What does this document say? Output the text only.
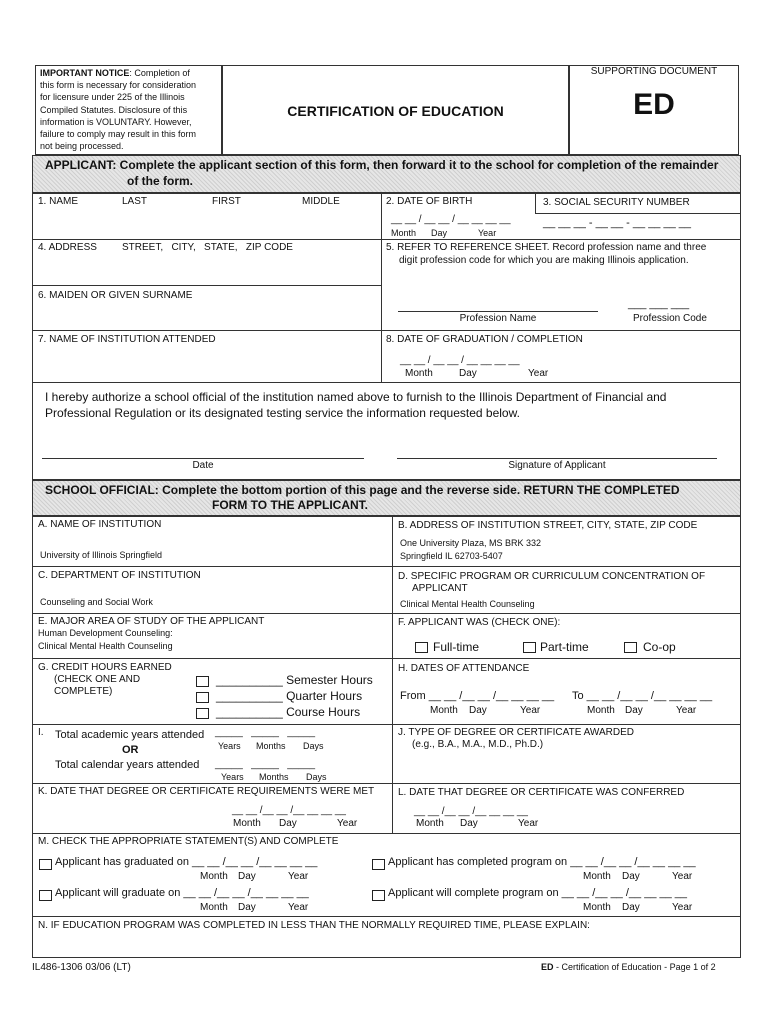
IMPORTANT NOTICE: Completion of
this form is necessary for consideration
for licensure under 225 of the Illinois
Compiled Statutes. Disclosure of this
information is VOLUNTARY. However,
failure to comply may result in this form
not being processed.
CERTIFICATION OF EDUCATION
SUPPORTING DOCUMENT
ED
APPLICANT: Complete the applicant section of this form, then forward it to the school for completion of the remainder
of the form.
1. NAME	LAST	FIRST	MIDDLE	2. DATE OF BIRTH
__ __ / __ __ / __ __ __ __
Month Day	Year
3. SOCIAL SECURITY NUMBER
__ __ __ - __ __ - __ __ __ __
4. ADDRESS	STREET,   CITY,   STATE,   ZIP CODE	5. REFER TO REFERENCE SHEET. Record profession name and three
digit profession code for which you are making Illinois application.
Profession Name
___ ___ ___
Profession Code
6. MAIDEN OR GIVEN SURNAME
7. NAME OF INSTITUTION ATTENDED	8. DATE OF GRADUATION / COMPLETION
__ __ / __ __ / __ __ __ __
Month	Day	Year
I hereby authorize a school official of the institution named above to furnish to the Illinois Department of Financial and
Professional Regulation or its designated testing service the information requested below.
Date	Signature of Applicant
SCHOOL OFFICIAL: Complete the bottom portion of this page and the reverse side. RETURN THE COMPLETED
FORM TO THE APPLICANT.
A. NAME OF INSTITUTION
University of Illinois Springfield
B. ADDRESS OF INSTITUTION STREET, CITY, STATE, ZIP CODE
One University Plaza, MS BRK 332
Springfield IL 62703-5407
C. DEPARTMENT OF INSTITUTION
Counseling and Social Work
D. SPECIFIC PROGRAM OR CURRICULUM CONCENTRATION OF
APPLICANT
Clinical Mental Health Counseling
E. MAJOR AREA OF STUDY OF THE APPLICANT
Human Development Counseling:
Clinical Mental Health Counseling
F. APPLICANT WAS (CHECK ONE):
Full-time	Part-time	Co-op
G. CREDIT HOURS EARNED
(CHECK ONE AND
COMPLETE)
__________ Semester Hours
__________ Quarter Hours
__________ Course Hours
H. DATES OF ATTENDANCE
From __ __ /__ __ /__ __ __ __ To __ __ /__ __ /__ __ __ __
Month Day	Year	Month Day	Year
I. Total academic years attended _____   _____   _____
Years Months Days
OR
Total calendar years attended _____   _____   _____
Years Months Days
J. TYPE OF DEGREE OR CERTIFICATE AWARDED
(e.g., B.A., M.A., M.D., Ph.D.)
K. DATE THAT DEGREE OR CERTIFICATE REQUIREMENTS WERE MET
__ __ /__ __ /__ __ __ __
Month Day	Year
L. DATE THAT DEGREE OR CERTIFICATE WAS CONFERRED
__ __ /__ __ /__ __ __ __
Month Day	Year
M. CHECK THE APPROPRIATE STATEMENT(S) AND COMPLETE
Applicant has graduated on __ __ /__ __ /__ __ __ __
Month Day	Year
Applicant will graduate on __ __ /__ __ /__ __ __ __
Month Day	Year
Applicant has completed program on __ __ /__ __ /__ __ __ __
Month Day	Year
Applicant will complete program on __ __ /__ __ /__ __ __ __
Month Day	Year
N. IF EDUCATION PROGRAM WAS COMPLETED IN LESS THAN THE NORMALLY REQUIRED TIME, PLEASE EXPLAIN:
IL486-1306 03/06 (LT)	ED - Certification of Education - Page 1 of 2
